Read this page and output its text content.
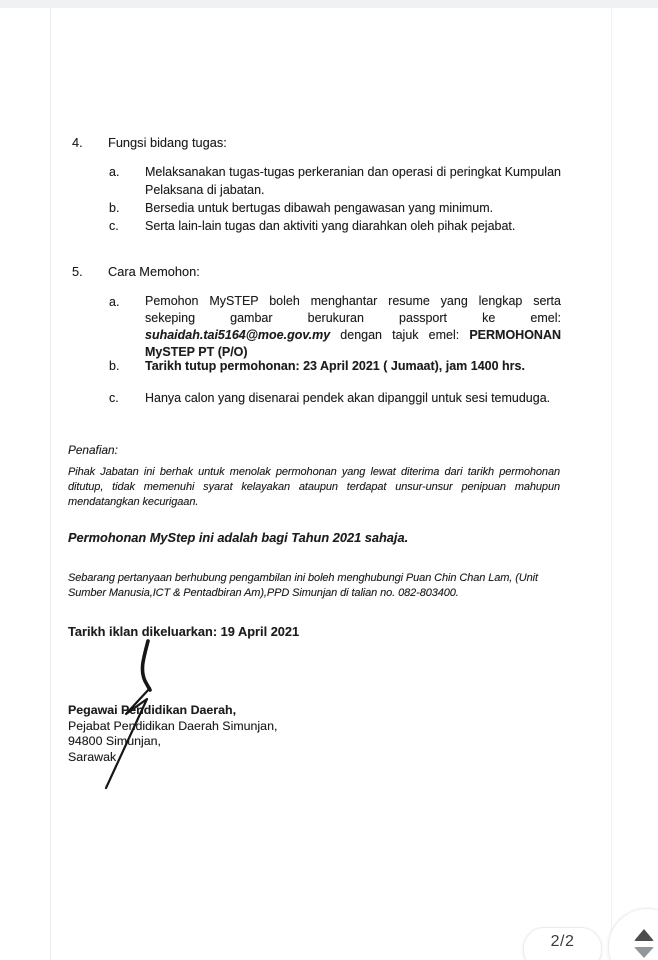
4.	Fungsi bidang tugas:
a.	Melaksanakan tugas-tugas perkeranian dan operasi di peringkat Kumpulan Pelaksana di jabatan.
b.	Bersedia untuk bertugas dibawah pengawasan yang minimum.
c.	Serta lain-lain tugas dan aktiviti yang diarahkan oleh pihak pejabat.
5.	Cara Memohon:
a.	Pemohon MySTEP boleh menghantar resume yang lengkap serta sekeping gambar berukuran passport ke emel: suhaidah.tai5164@moe.gov.my dengan tajuk emel: PERMOHONAN MySTEP PT (P/O)
b.	Tarikh tutup permohonan: 23 April 2021 ( Jumaat), jam 1400 hrs.
c.	Hanya calon yang disenarai pendek akan dipanggil untuk sesi temuduga.
Penafian:
Pihak Jabatan ini berhak untuk menolak permohonan yang lewat diterima dari tarikh permohonan ditutup, tidak memenuhi syarat kelayakan ataupun terdapat unsur-unsur penipuan mahupun mendatangkan kecurigaan.
Permohonan MyStep ini adalah bagi Tahun 2021 sahaja.
Sebarang pertanyaan berhubung pengambilan ini boleh menghubungi Puan Chin Chan Lam, (Unit Sumber Manusia,ICT & Pentadbiran Am),PPD Simunjan di talian no. 082-803400.
Tarikh iklan dikeluarkan: 19 April 2021
Pegawai Pendidikan Daerah,
Pejabat Pendidikan Daerah Simunjan,
94800 Simunjan,
Sarawak
2/2
